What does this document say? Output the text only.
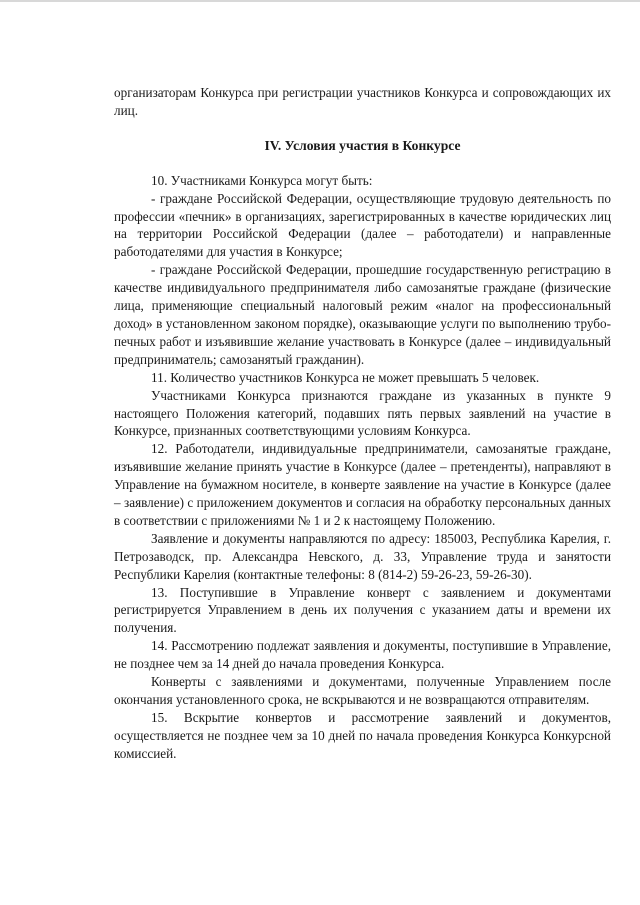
организаторам Конкурса при регистрации участников Конкурса и сопровождающих их лиц.

IV. Условия участия в Конкурсе

10. Участниками Конкурса могут быть:

- граждане Российской Федерации, осуществляющие трудовую деятельность по профессии «печник» в организациях, зарегистрированных в качестве юридических лиц на территории Российской Федерации (далее – работодатели) и направленные работодателями для участия в Конкурсе;

- граждане Российской Федерации, прошедшие государственную регистрацию в качестве индивидуального предпринимателя либо самозанятые граждане (физические лица, применяющие специальный налоговый режим «налог на профессиональный доход» в установленном законом порядке), оказывающие услуги по выполнению трубо-печных работ и изъявившие желание участвовать в Конкурсе (далее – индивидуальный предприниматель; самозанятый гражданин).

11. Количество участников Конкурса не может превышать 5 человек.

Участниками Конкурса признаются граждане из указанных в пункте 9 настоящего Положения категорий, подавших пять первых заявлений на участие в Конкурсе, признанных соответствующими условиям Конкурса.

12. Работодатели, индивидуальные предприниматели, самозанятые граждане, изъявившие желание принять участие в Конкурсе (далее – претенденты), направляют в Управление на бумажном носителе, в конверте заявление на участие в Конкурсе (далее – заявление) с приложением документов и согласия на обработку персональных данных в соответствии с приложениями № 1 и 2 к настоящему Положению.

Заявление и документы направляются по адресу: 185003, Республика Карелия, г. Петрозаводск, пр. Александра Невского, д. 33, Управление труда и занятости Республики Карелия (контактные телефоны: 8 (814-2) 59-26-23, 59-26-30).

13. Поступившие в Управление конверт с заявлением и документами регистрируется Управлением в день их получения с указанием даты и времени их получения.

14. Рассмотрению подлежат заявления и документы, поступившие в Управление, не позднее чем за 14 дней до начала проведения Конкурса.

Конверты с заявлениями и документами, полученные Управлением после окончания установленного срока, не вскрываются и не возвращаются отправителям.

15. Вскрытие конвертов и рассмотрение заявлений и документов, осуществляется не позднее чем за 10 дней по начала проведения Конкурса Конкурсной комиссией.
